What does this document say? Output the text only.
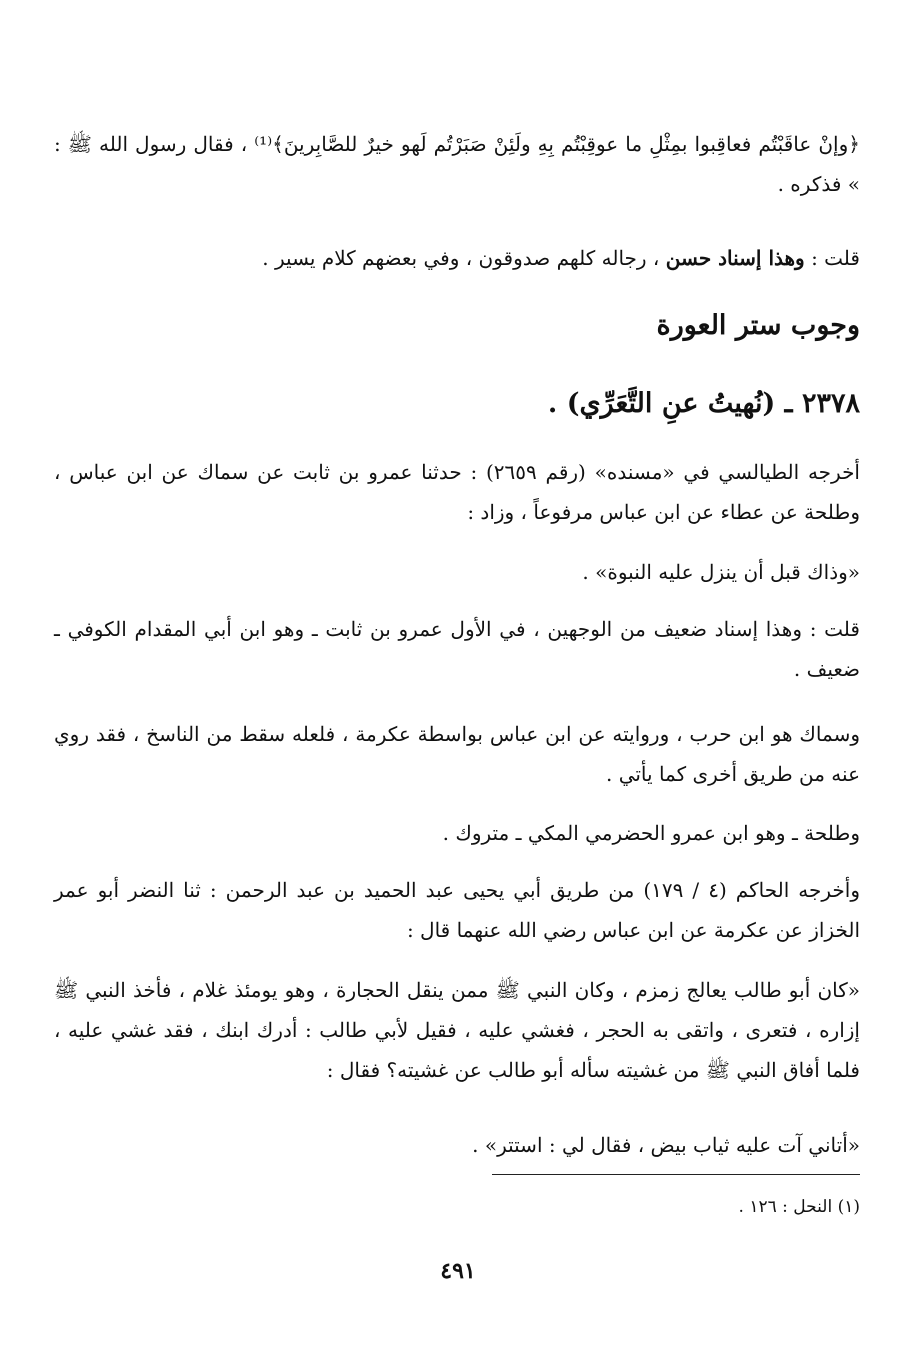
﴿وإنْ عاقَبْتُم فعاقِبوا بمِثْلِ ما عوقِبْتُم بِهِ ولَئِنْ صَبَرْتُم لَهو خيرٌ للصَّابِرينَ﴾⁽¹⁾ ، فقال رسول الله ﷺ : » فذكره .

قلت : وهذا إسناد حسن ، رجاله كلهم صدوقون ، وفي بعضهم كلام يسير .

وجوب ستر العورة
٢٣٧٨ ـ (نُهيتُ عنِ التَّعَرِّي) .

أخرجه الطيالسي في «مسنده» (رقم ٢٦٥٩) : حدثنا عمرو بن ثابت عن سماك عن ابن عباس ، وطلحة عن عطاء عن ابن عباس مرفوعاً ، وزاد :

«وذاك قبل أن ينزل عليه النبوة» .

قلت : وهذا إسناد ضعيف من الوجهين ، في الأول عمرو بن ثابت ـ وهو ابن أبي المقدام الكوفي ـ ضعيف .

وسماك هو ابن حرب ، وروايته عن ابن عباس بواسطة عكرمة ، فلعله سقط من الناسخ ، فقد روي عنه من طريق أخرى كما يأتي .

وطلحة ـ وهو ابن عمرو الحضرمي المكي ـ متروك .

وأخرجه الحاكم (٤ / ١٧٩) من طريق أبي يحيى عبد الحميد بن عبد الرحمن : ثنا النضر أبو عمر الخزاز عن عكرمة عن ابن عباس رضي الله عنهما قال :

«كان أبو طالب يعالج زمزم ، وكان النبي ﷺ ممن ينقل الحجارة ، وهو يومئذ غلام ، فأخذ النبي ﷺ إزاره ، فتعرى ، واتقى به الحجر ، فغشي عليه ، فقيل لأبي طالب : أدرك ابنك ، فقد غشي عليه ، فلما أفاق النبي ﷺ من غشيته سأله أبو طالب عن غشيته؟ فقال :

«أتاني آت عليه ثياب بيض ، فقال لي : استتر» .

(١) النحل : ١٢٦ .
٤٩١
